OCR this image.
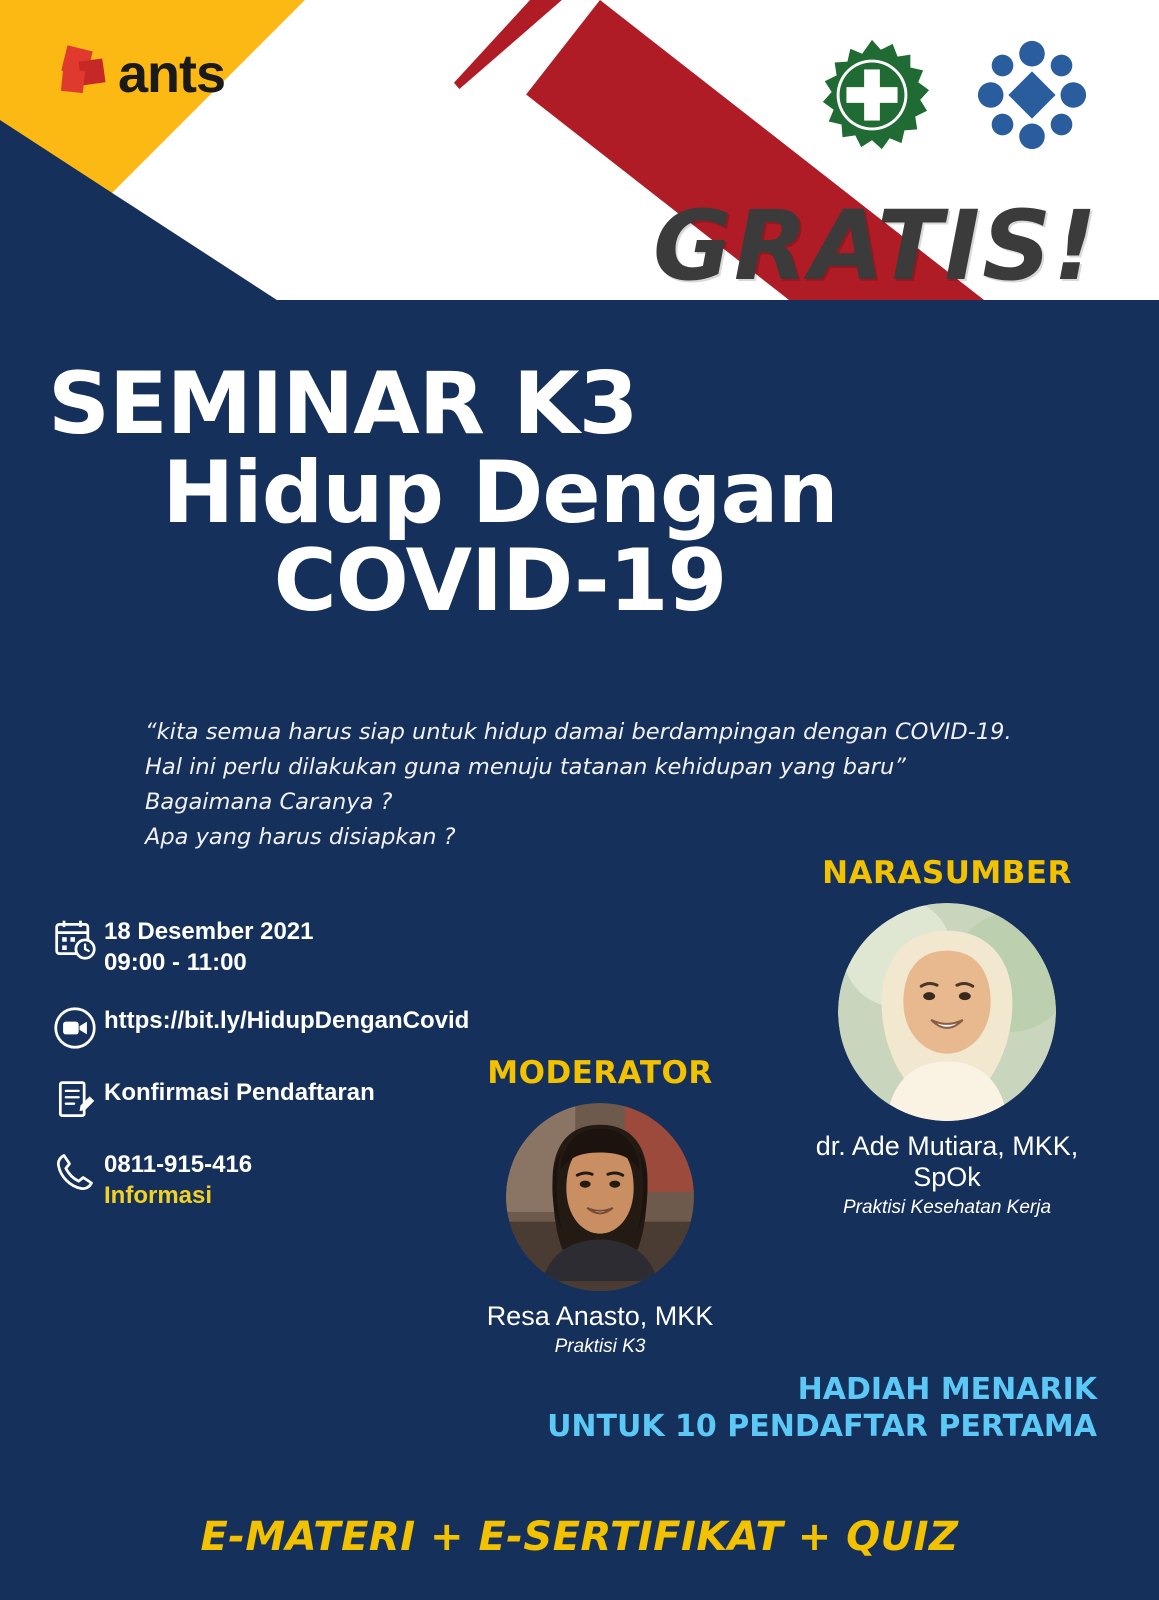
ants
GRATIS!
SEMINAR K3
Hidup Dengan
COVID-19
“kita semua harus siap untuk hidup damai berdampingan dengan COVID-19.
Hal ini perlu dilakukan guna menuju tatanan kehidupan yang baru”
Bagaimana Caranya ?
Apa yang harus disiapkan ?
18 Desember 2021
09:00 - 11:00
https://bit.ly/HidupDenganCovid
Konfirmasi Pendaftaran
0811-915-416
Informasi
NARASUMBER
dr. Ade Mutiara, MKK, SpOk
Praktisi Kesehatan Kerja
MODERATOR
Resa Anasto, MKK
Praktisi K3
HADIAH MENARIK
UNTUK 10 PENDAFTAR PERTAMA
E-MATERI + E-SERTIFIKAT + QUIZ
